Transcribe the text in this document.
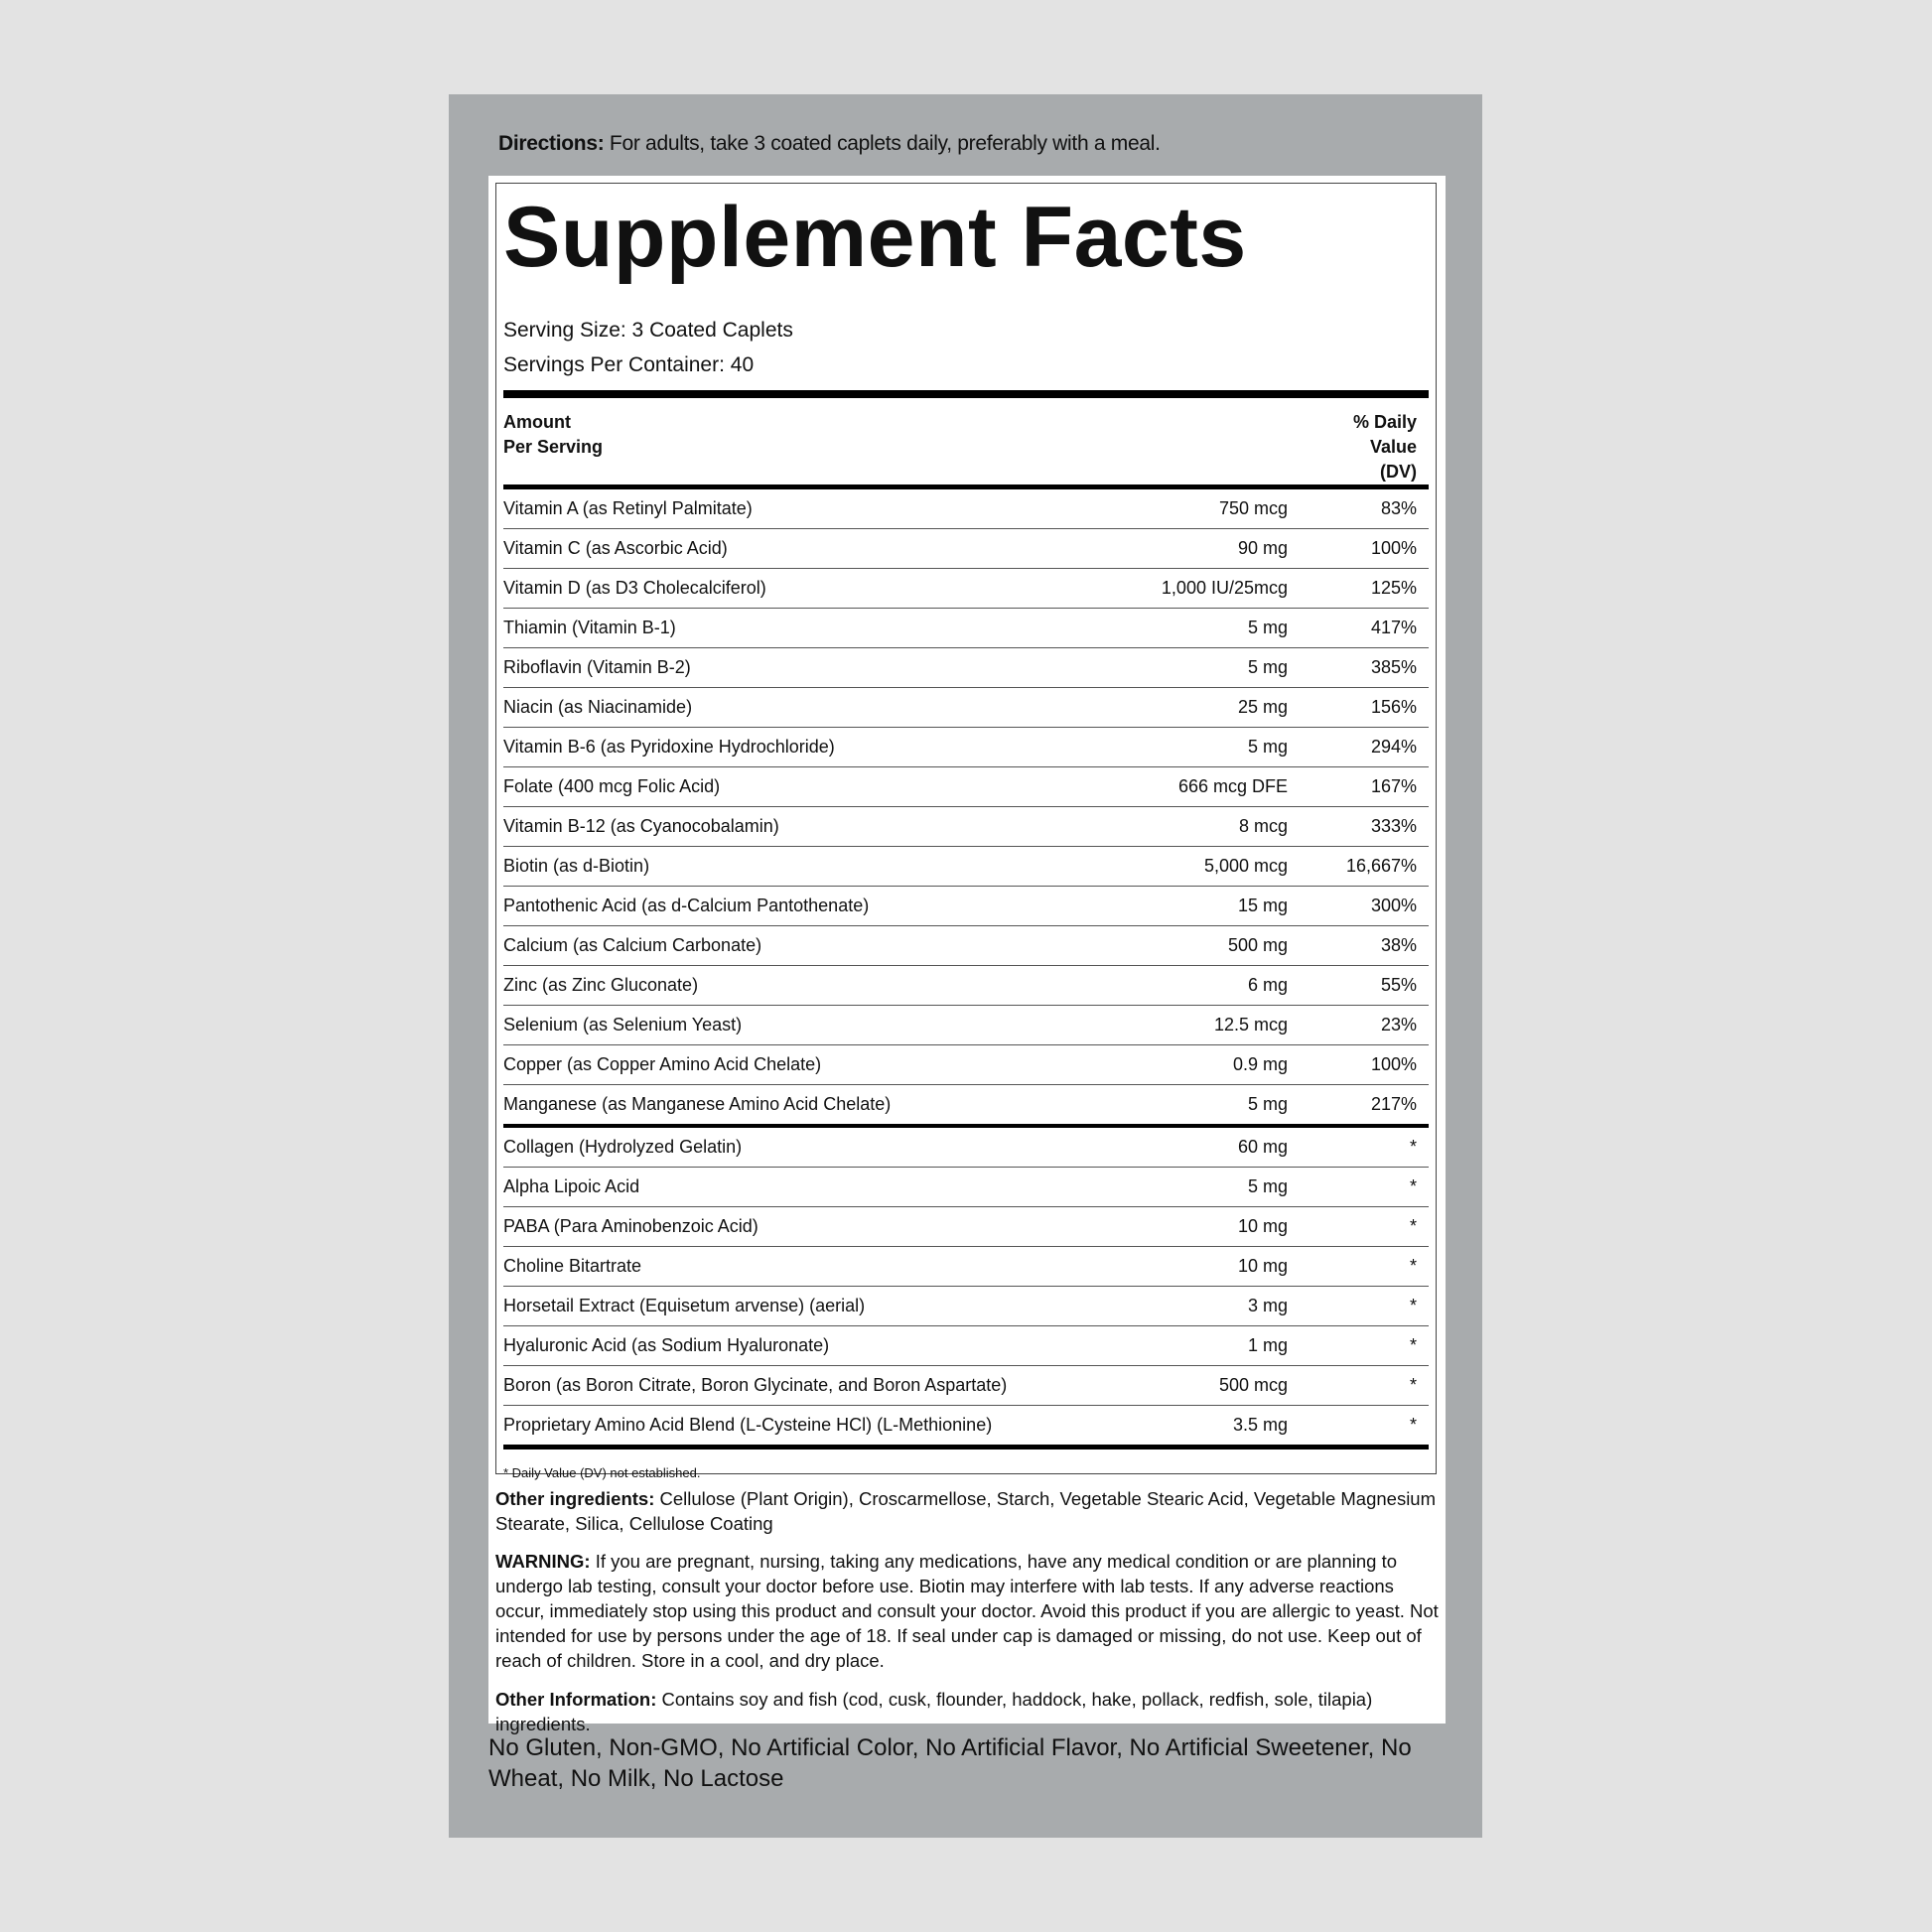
Directions: For adults, take 3 coated caplets daily, preferably with a meal.
Supplement Facts
Serving Size: 3 Coated Caplets
Servings Per Container: 40
Amount
Per Serving
% Daily
Value
(DV)
Vitamin A (as Retinyl Palmitate)	750 mcg	83%
Vitamin C (as Ascorbic Acid)	90 mg	100%
Vitamin D (as D3 Cholecalciferol)	1,000 IU/25mcg	125%
Thiamin (Vitamin B-1)	5 mg	417%
Riboflavin (Vitamin B-2)	5 mg	385%
Niacin (as Niacinamide)	25 mg	156%
Vitamin B-6 (as Pyridoxine Hydrochloride)	5 mg	294%
Folate (400 mcg Folic Acid)	666 mcg DFE	167%
Vitamin B-12 (as Cyanocobalamin)	8 mcg	333%
Biotin (as d-Biotin)	5,000 mcg	16,667%
Pantothenic Acid (as d-Calcium Pantothenate)	15 mg	300%
Calcium (as Calcium Carbonate)	500 mg	38%
Zinc (as Zinc Gluconate)	6 mg	55%
Selenium (as Selenium Yeast)	12.5 mcg	23%
Copper (as Copper Amino Acid Chelate)	0.9 mg	100%
Manganese (as Manganese Amino Acid Chelate)	5 mg	217%
Collagen (Hydrolyzed Gelatin)	60 mg	*
Alpha Lipoic Acid	5 mg	*
PABA (Para Aminobenzoic Acid)	10 mg	*
Choline Bitartrate	10 mg	*
Horsetail Extract (Equisetum arvense) (aerial)	3 mg	*
Hyaluronic Acid (as Sodium Hyaluronate)	1 mg	*
Boron (as Boron Citrate, Boron Glycinate, and Boron Aspartate)	500 mcg	*
Proprietary Amino Acid Blend (L-Cysteine HCl) (L-Methionine)	3.5 mg	*
* Daily Value (DV) not established.
Other ingredients: Cellulose (Plant Origin), Croscarmellose, Starch, Vegetable Stearic Acid, Vegetable Magnesium Stearate, Silica, Cellulose Coating
WARNING: If you are pregnant, nursing, taking any medications, have any medical condition or are planning to undergo lab testing, consult your doctor before use. Biotin may interfere with lab tests. If any adverse reactions occur, immediately stop using this product and consult your doctor. Avoid this product if you are allergic to yeast. Not intended for use by persons under the age of 18. If seal under cap is damaged or missing, do not use. Keep out of reach of children. Store in a cool, and dry place.
Other Information: Contains soy and fish (cod, cusk, flounder, haddock, hake, pollack, redfish, sole, tilapia) ingredients.
No Gluten, Non-GMO, No Artificial Color, No Artificial Flavor, No Artificial Sweetener, No Wheat, No Milk, No Lactose
